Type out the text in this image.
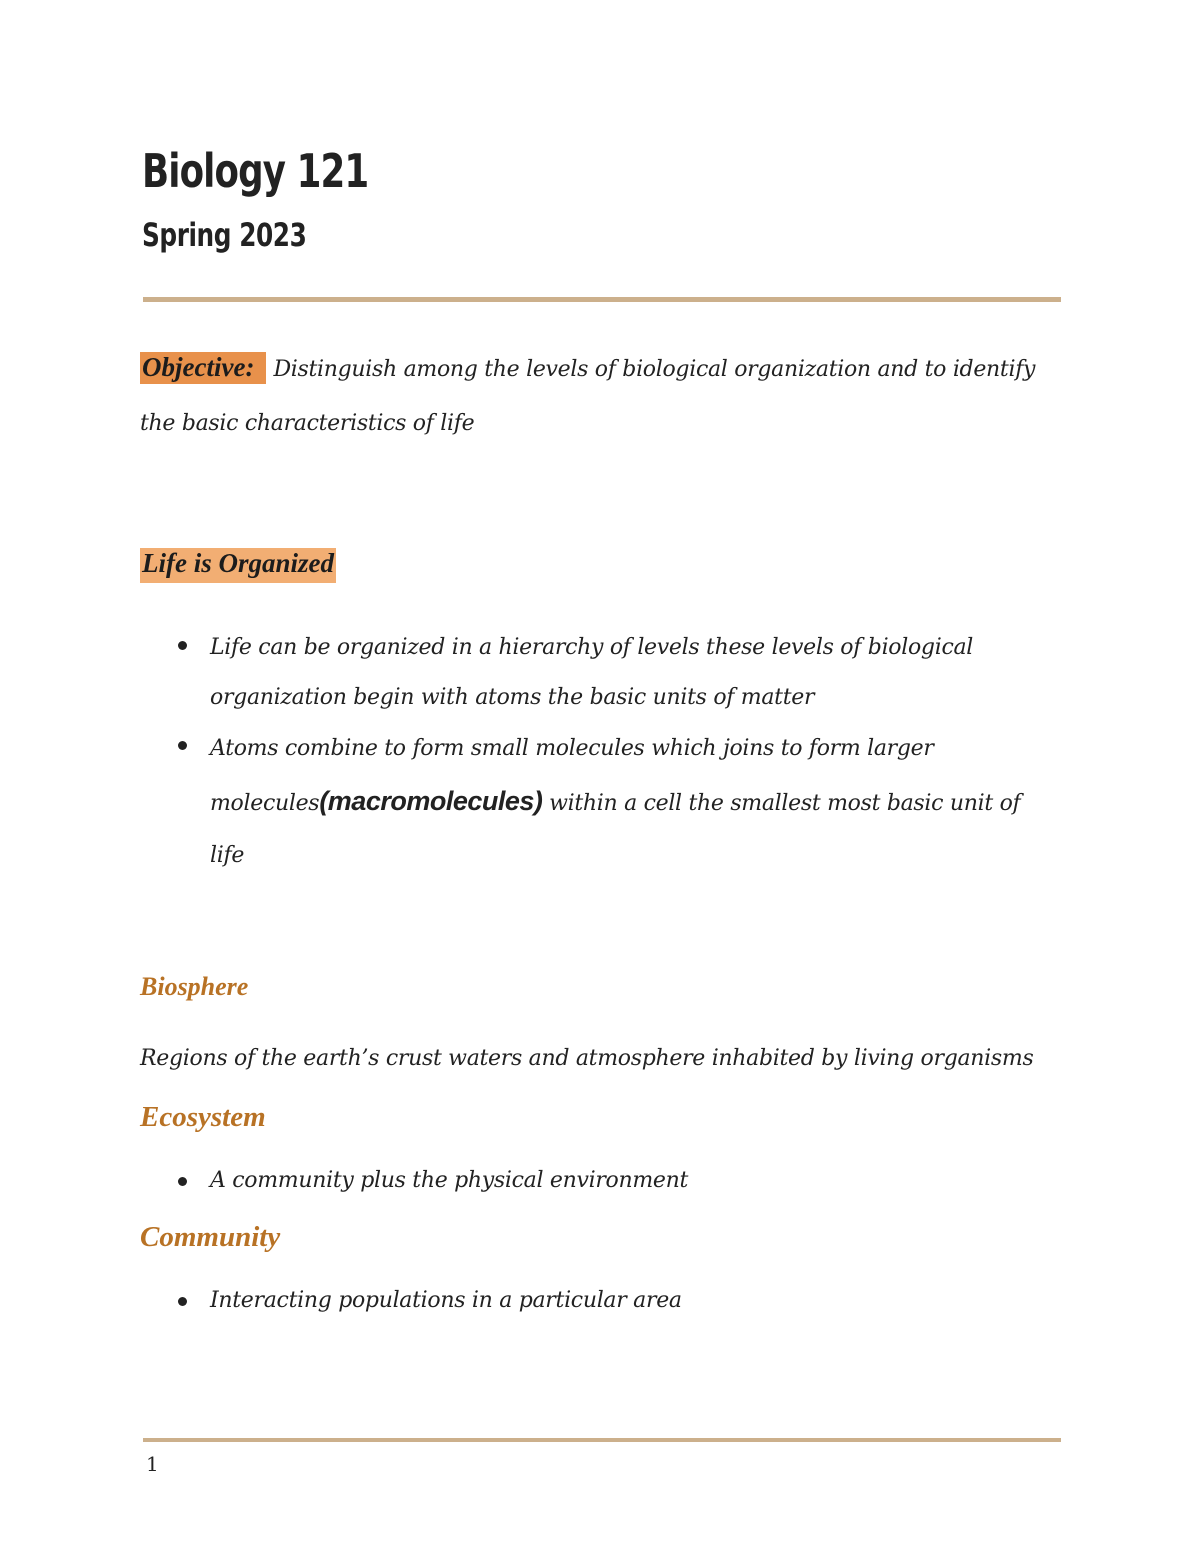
Biology 121
Spring 2023
Objective: Distinguish among the levels of biological organization and to identify the basic characteristics of life
Life is Organized
Life can be organized in a hierarchy of levels these levels of biological organization begin with atoms the basic units of matter
Atoms combine to form small molecules which joins to form larger molecules(macromolecules) within a cell the smallest most basic unit of life
Biosphere

Regions of the earth’s crust waters and atmosphere inhabited by living organisms

Ecosystem
A community plus the physical environment
Community
Interacting populations in a particular area
1
